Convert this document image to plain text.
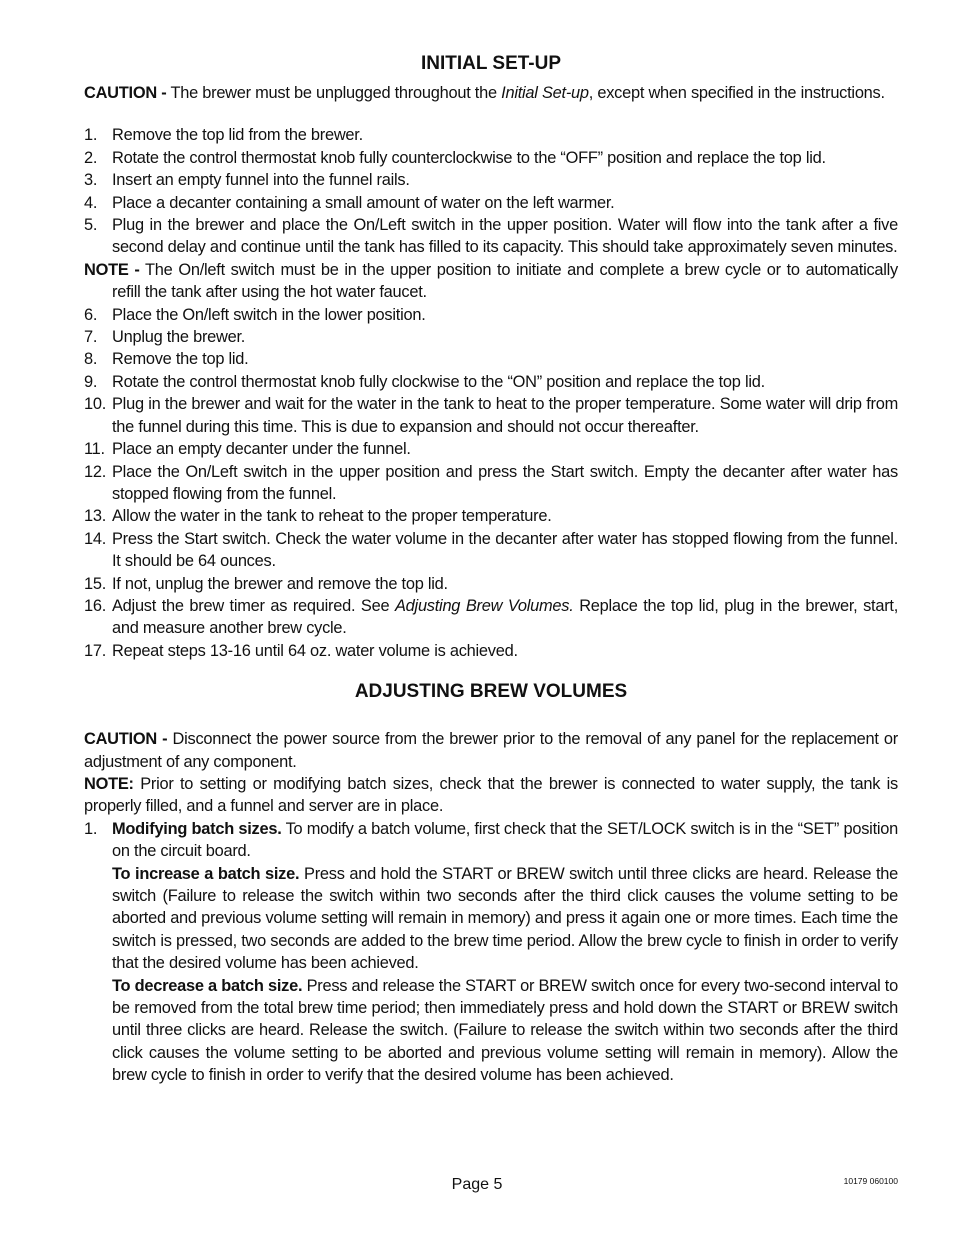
INITIAL SET-UP

CAUTION - The brewer must be unplugged throughout the Initial Set-up, except when specified in the instructions.

1. Remove the top lid from the brewer.
2. Rotate the control thermostat knob fully counterclockwise to the “OFF” position and replace the top lid.
3. Insert an empty funnel into the funnel rails.
4. Place a decanter containing a small amount of water on the left warmer.
5. Plug in the brewer and place the On/Left switch in the upper position. Water will flow into the tank after a five second delay and continue until the tank has filled to its capacity. This should take approximately seven minutes.

NOTE - The On/left switch must be in the upper position to initiate and complete a brew cycle or to automatically refill the tank after using the hot water faucet.

6. Place the On/left switch in the lower position.
7. Unplug the brewer.
8. Remove the top lid.
9. Rotate the control thermostat knob fully clockwise to the “ON” position and replace the top lid.
10. Plug in the brewer and wait for the water in the tank to heat to the proper temperature. Some water will drip from the funnel during this time. This is due to expansion and should not occur thereafter.
11. Place an empty decanter under the funnel.
12. Place the On/Left switch in the upper position and press the Start switch. Empty the decanter after water has stopped flowing from the funnel.
13. Allow the water in the tank to reheat to the proper temperature.
14. Press the Start switch. Check the water volume in the decanter after water has stopped flowing from the funnel. It should be 64 ounces.
15. If not, unplug the brewer and remove the top lid.
16. Adjust the brew timer as required. See Adjusting Brew Volumes. Replace the top lid, plug in the brewer, start, and measure another brew cycle.
17. Repeat steps 13-16 until 64 oz. water volume is achieved.
ADJUSTING BREW VOLUMES

CAUTION - Disconnect the power source from the brewer prior to the removal of any panel for the replacement or adjustment of any component.

NOTE: Prior to setting or modifying batch sizes, check that the brewer is connected to water supply, the tank is properly filled, and a funnel and server are in place.

1. Modifying batch sizes. To modify a batch volume, first check that the SET/LOCK switch is in the “SET” position on the circuit board.

To increase a batch size. Press and hold the START or BREW switch until three clicks are heard. Release the switch (Failure to release the switch within two seconds after the third click causes the volume setting to be aborted and previous volume setting will remain in memory) and press it again one or more times. Each time the switch is pressed, two seconds are added to the brew time period. Allow the brew cycle to finish in order to verify that the desired volume has been achieved.

To decrease a batch size. Press and release the START or BREW switch once for every two-second interval to be removed from the total brew time period; then immediately press and hold down the START or BREW switch until three clicks are heard. Release the switch. (Failure to release the switch within two seconds after the third click causes the volume setting to be aborted and previous volume setting will remain in memory). Allow the brew cycle to finish in order to verify that the desired volume has been achieved.

Page 5	10179 060100
